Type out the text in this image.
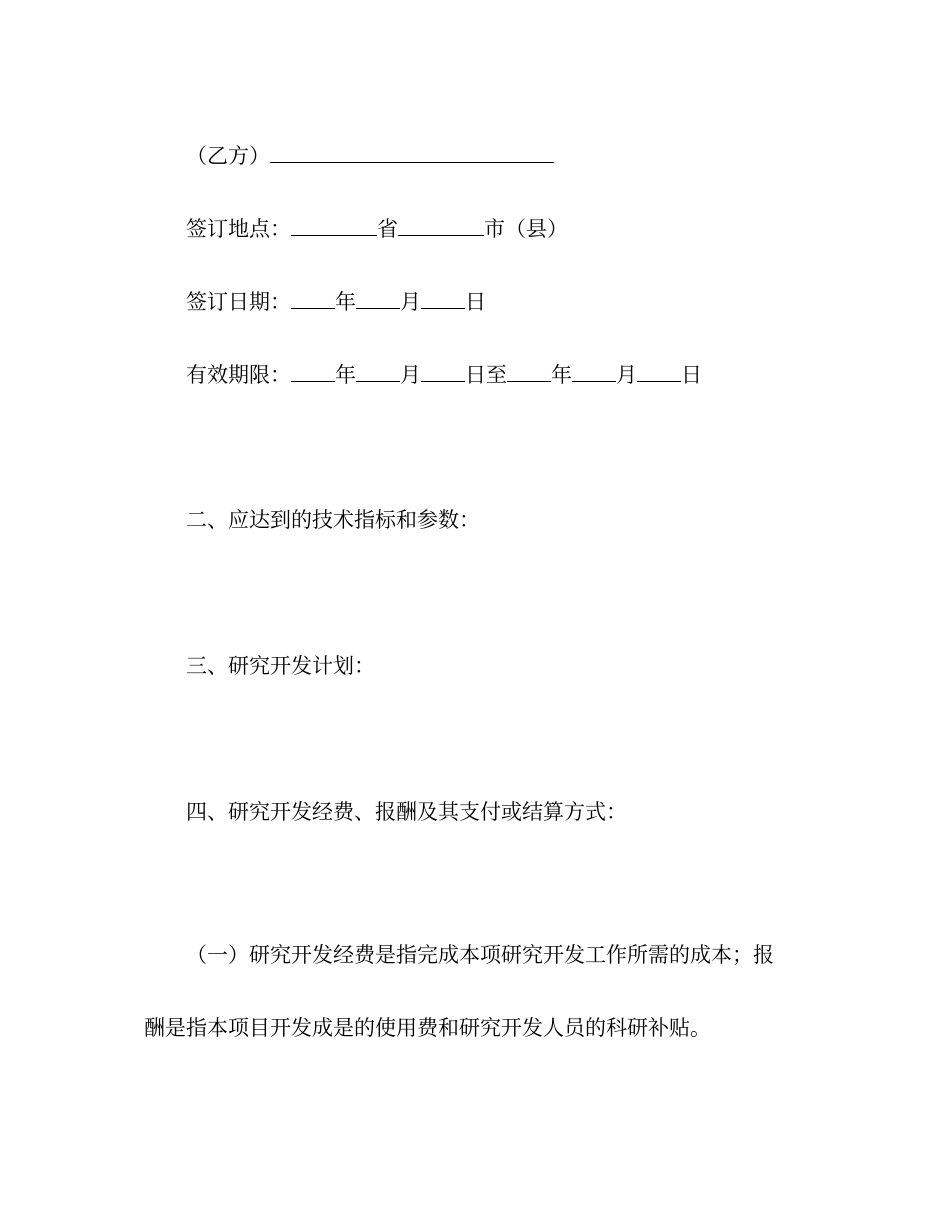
（乙方）
签订地点：	省	市（县）
签订日期： 年 月 日
有效期限： 年 月 日至 年 月 日
二、应达到的技术指标和参数：
三、研究开发计划：
四、研究开发经费、报酬及其支付或结算方式：
（一）研究开发经费是指完成本项研究开发工作所需的成本；报
酬是指本项目开发成是的使用费和研究开发人员的科研补贴。
